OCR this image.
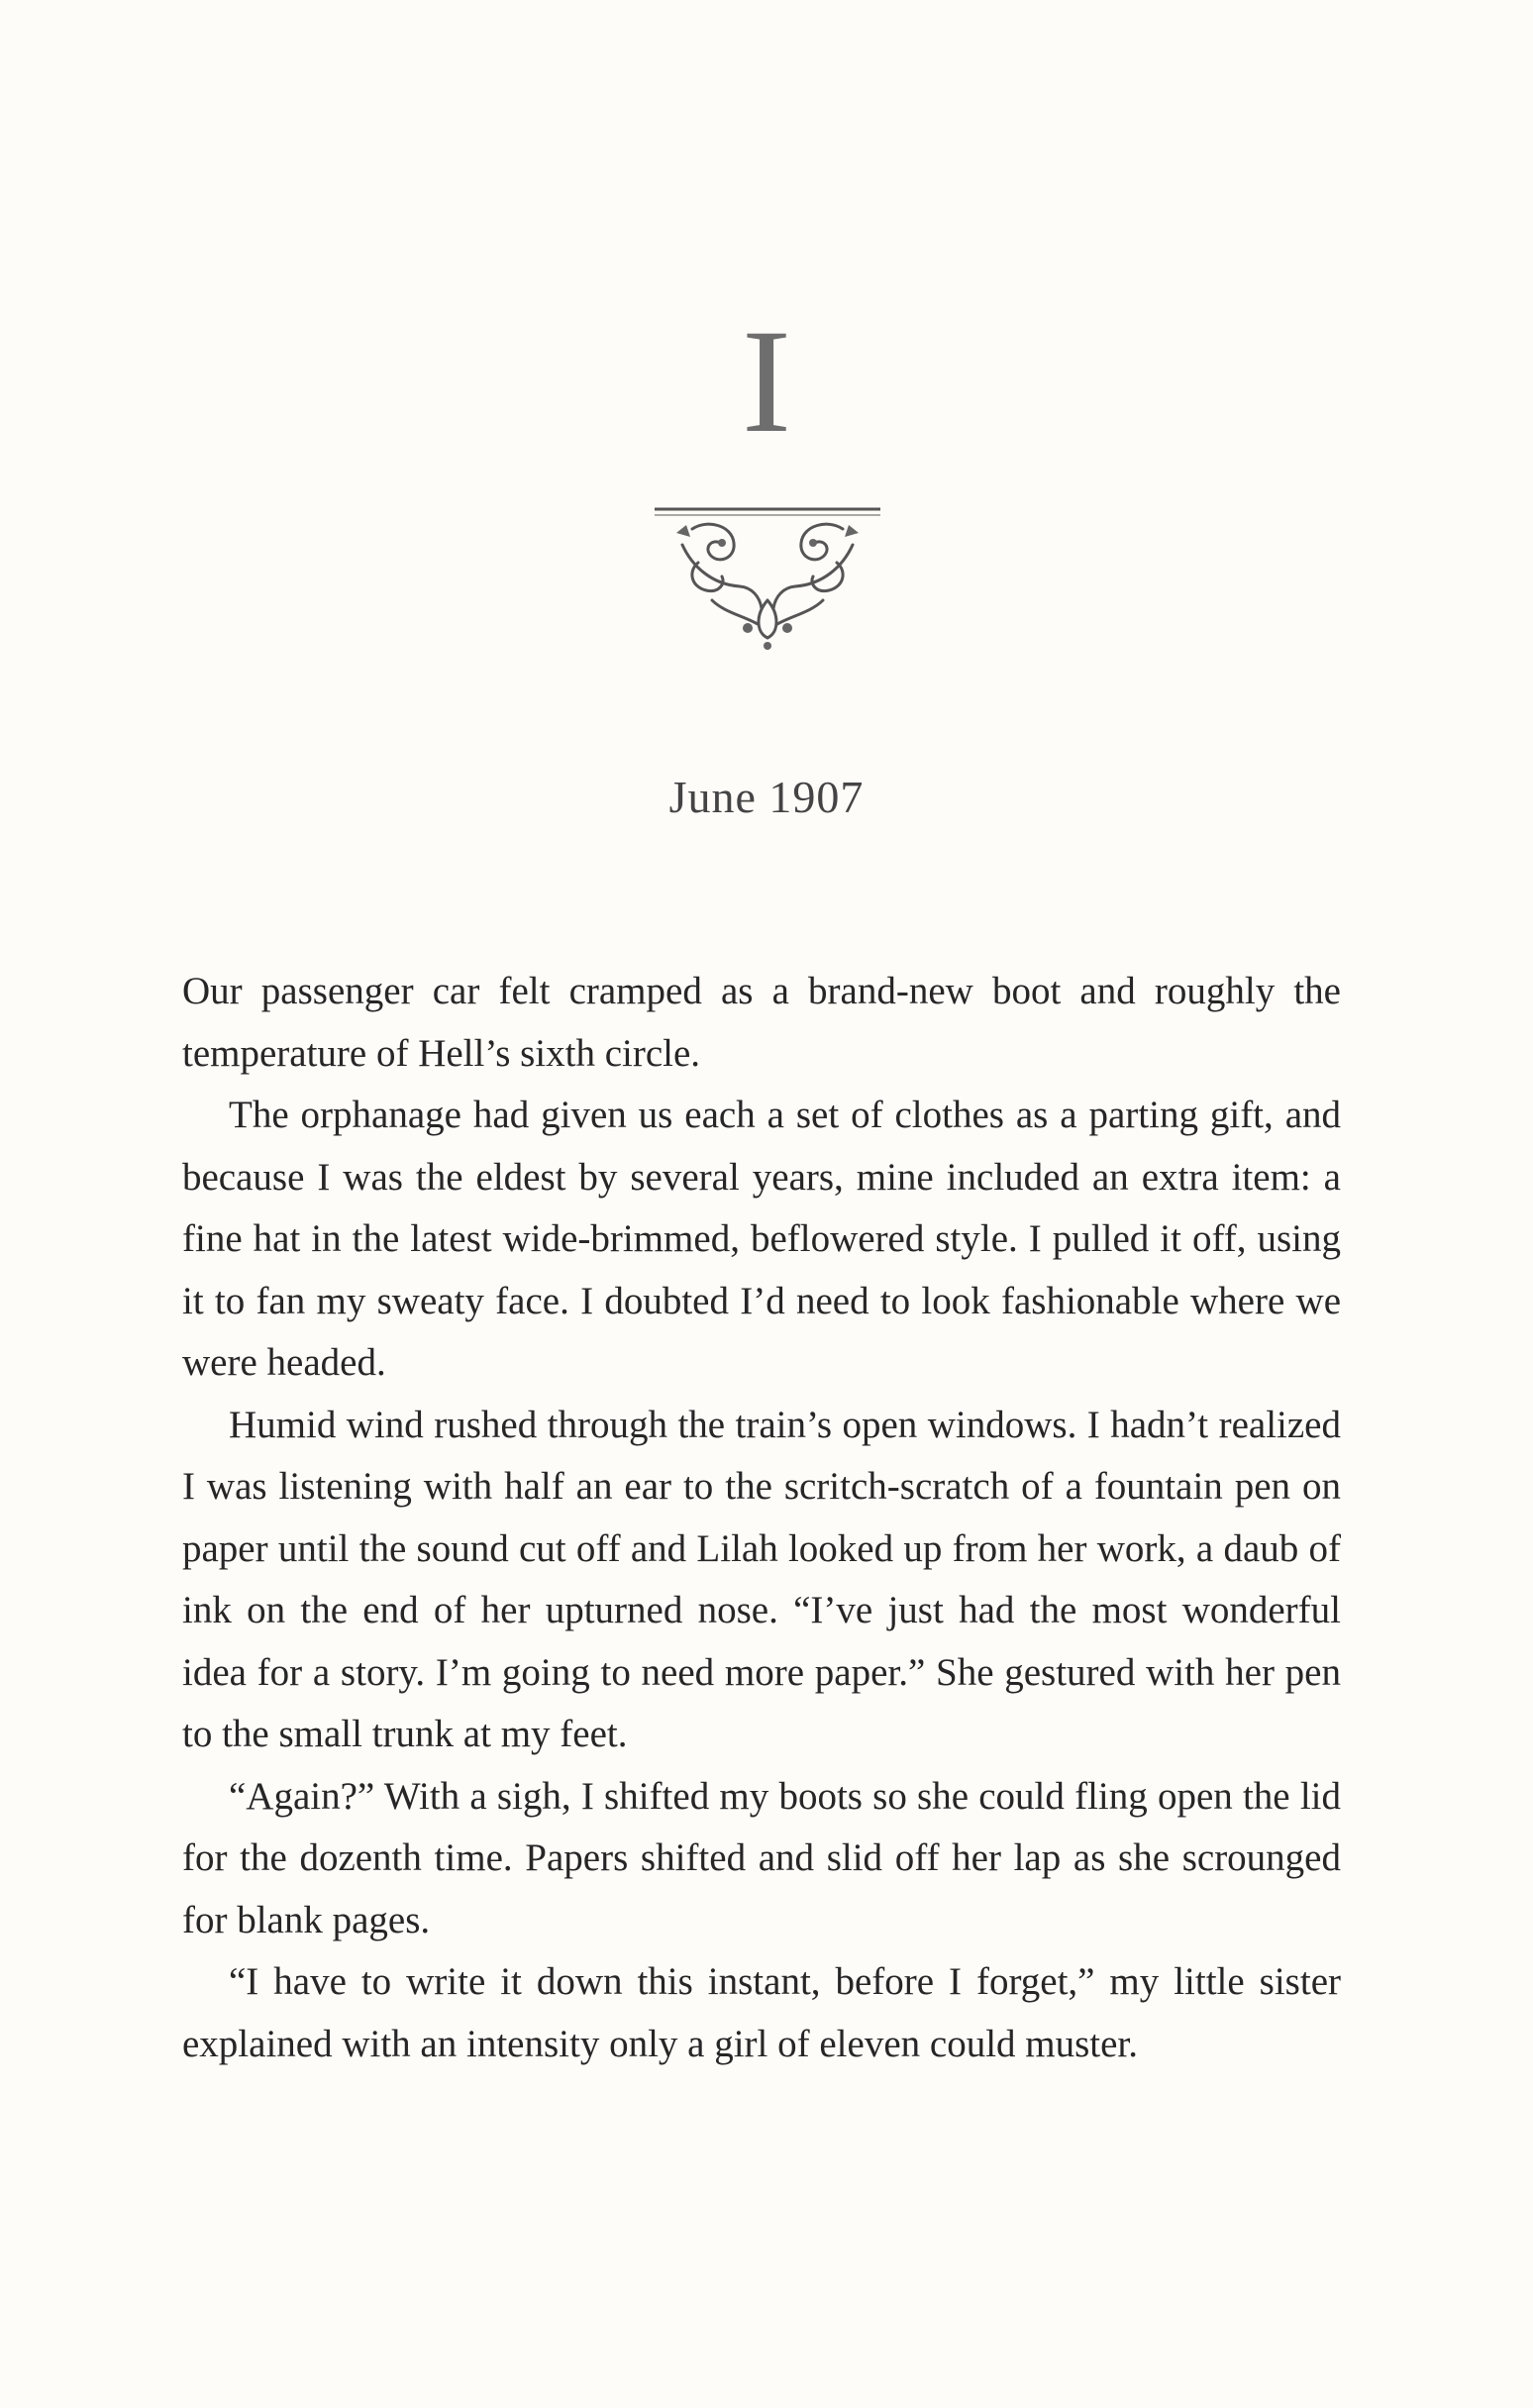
I
June 1907

Our passenger car felt cramped as a brand-new boot and roughly the temperature of Hell’s sixth circle.

The orphanage had given us each a set of clothes as a parting gift, and because I was the eldest by several years, mine included an extra item: a fine hat in the latest wide-brimmed, beflowered style. I pulled it off, using it to fan my sweaty face. I doubted I’d need to look fashionable where we were headed.

Humid wind rushed through the train’s open windows. I hadn’t realized I was listening with half an ear to the scritch-scratch of a fountain pen on paper until the sound cut off and Lilah looked up from her work, a daub of ink on the end of her upturned nose. “I’ve just had the most wonderful idea for a story. I’m going to need more paper.” She gestured with her pen to the small trunk at my feet.

“Again?” With a sigh, I shifted my boots so she could fling open the lid for the dozenth time. Papers shifted and slid off her lap as she scrounged for blank pages.

“I have to write it down this instant, before I forget,” my little sister explained with an intensity only a girl of eleven could muster.
